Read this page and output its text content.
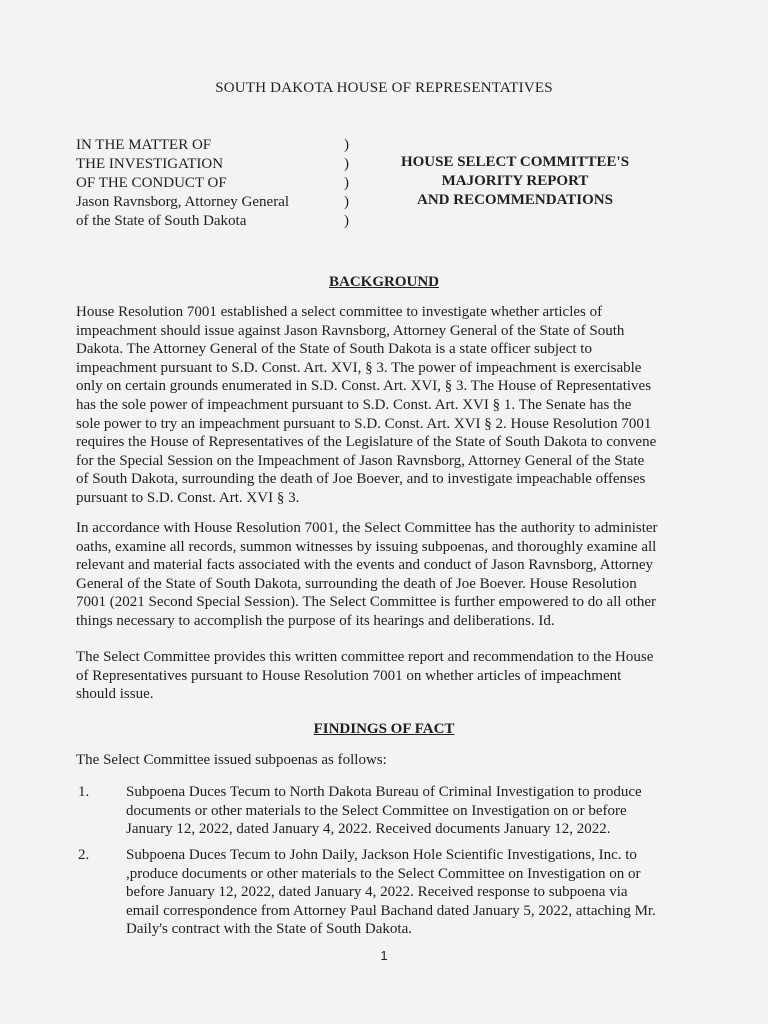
SOUTH DAKOTA HOUSE OF REPRESENTATIVES
IN THE MATTER OF
THE INVESTIGATION
OF THE CONDUCT OF
Jason Ravnsborg, Attorney General
of the State of South Dakota
)
)
)
)
)
HOUSE SELECT COMMITTEE'S
MAJORITY REPORT
AND RECOMMENDATIONS
BACKGROUND
House Resolution 7001 established a select committee to investigate whether articles of
impeachment should issue against Jason Ravnsborg, Attorney General of the State of South
Dakota. The Attorney General of the State of South Dakota is a state officer subject to
impeachment pursuant to S.D. Const. Art. XVI, § 3. The power of impeachment is exercisable
only on certain grounds enumerated in S.D. Const. Art. XVI, § 3. The House of Representatives
has the sole power of impeachment pursuant to S.D. Const. Art. XVI § 1. The Senate has the
sole power to try an impeachment pursuant to S.D. Const. Art. XVI § 2. House Resolution 7001
requires the House of Representatives of the Legislature of the State of South Dakota to convene
for the Special Session on the Impeachment of Jason Ravnsborg, Attorney General of the State
of South Dakota, surrounding the death of Joe Boever, and to investigate impeachable offenses
pursuant to S.D. Const. Art. XVI § 3.
In accordance with House Resolution 7001, the Select Committee has the authority to administer
oaths, examine all records, summon witnesses by issuing subpoenas, and thoroughly examine all
relevant and material facts associated with the events and conduct of Jason Ravnsborg, Attorney
General of the State of South Dakota, surrounding the death of Joe Boever. House Resolution
7001 (2021 Second Special Session). The Select Committee is further empowered to do all other
things necessary to accomplish the purpose of its hearings and deliberations. Id.
The Select Committee provides this written committee report and recommendation to the House
of Representatives pursuant to House Resolution 7001 on whether articles of impeachment
should issue.
FINDINGS OF FACT
The Select Committee issued subpoenas as follows:
1. Subpoena Duces Tecum to North Dakota Bureau of Criminal Investigation to produce
documents or other materials to the Select Committee on Investigation on or before
January 12, 2022, dated January 4, 2022. Received documents January 12, 2022.
2. Subpoena Duces Tecum to John Daily, Jackson Hole Scientific Investigations, Inc. to
,produce documents or other materials to the Select Committee on Investigation on or
before January 12, 2022, dated January 4, 2022. Received response to subpoena via
email correspondence from Attorney Paul Bachand dated January 5, 2022, attaching Mr.
Daily's contract with the State of South Dakota.
1
